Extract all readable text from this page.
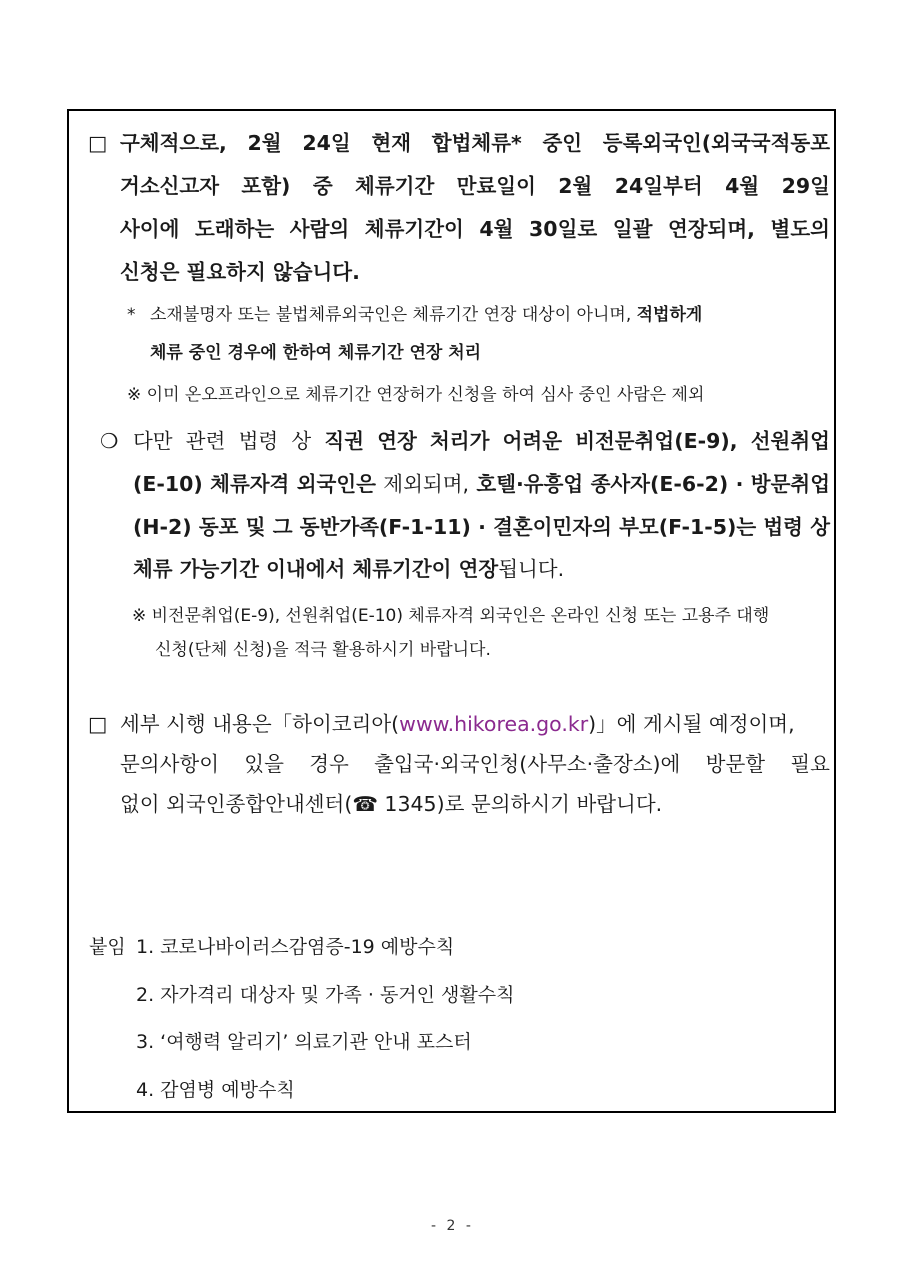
□ 구체적으로, 2월 24일 현재 합법체류* 중인 등록외국인(외국국적동포
거소신고자 포함) 중 체류기간 만료일이 2월 24일부터 4월 29일
사이에 도래하는 사람의 체류기간이 4월 30일로 일괄 연장되며, 별도의
신청은 필요하지 않습니다.
* 소재불명자 또는 불법체류외국인은 체류기간 연장 대상이 아니며, 적법하게
체류 중인 경우에 한하여 체류기간 연장 처리
※ 이미 온오프라인으로 체류기간 연장허가 신청을 하여 심사 중인 사람은 제외
❍ 다만 관련 법령 상 직권 연장 처리가 어려운 비전문취업(E-9), 선원취업
(E-10) 체류자격 외국인은 제외되며, 호텔·유흥업 종사자(E-6-2) · 방문취업
(H-2) 동포 및 그 동반가족(F-1-11) · 결혼이민자의 부모(F-1-5)는 법령 상
체류 가능기간 이내에서 체류기간이 연장됩니다.
※ 비전문취업(E-9), 선원취업(E-10) 체류자격 외국인은 온라인 신청 또는 고용주 대행
신청(단체 신청)을 적극 활용하시기 바랍니다.
□ 세부 시행 내용은「하이코리아(www.hikorea.go.kr)」에 게시될 예정이며,
문의사항이 있을 경우 출입국·외국인청(사무소·출장소)에 방문할 필요
없이 외국인종합안내센터(☎ 1345)로 문의하시기 바랍니다.
붙임 1. 코로나바이러스감염증-19 예방수칙
2. 자가격리 대상자 및 가족 · 동거인 생활수칙
3. ‘여행력 알리기’ 의료기관 안내 포스터
4. 감염병 예방수칙
- 2 -
